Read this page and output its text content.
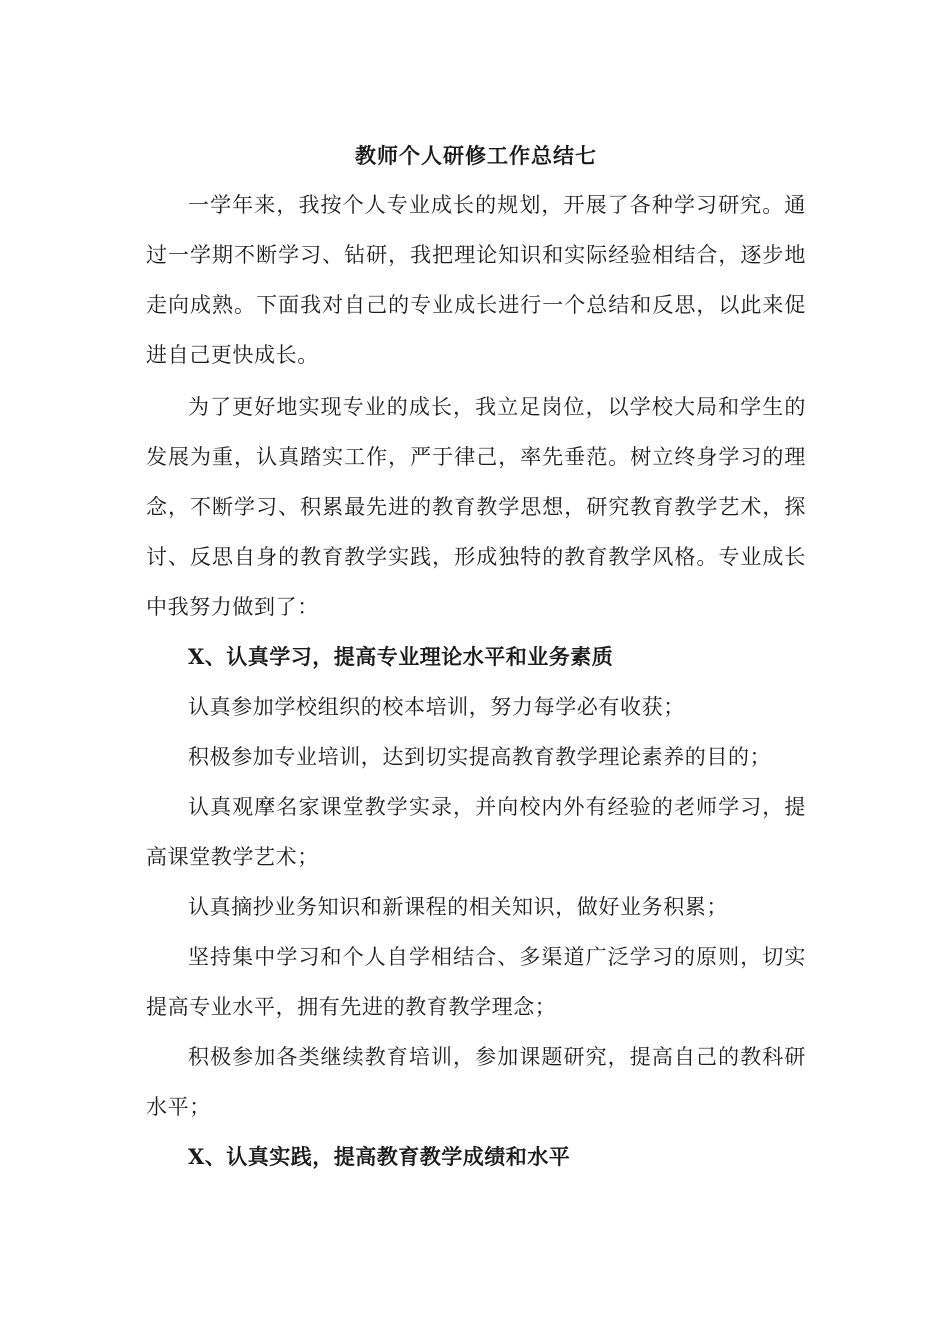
教师个人研修工作总结七

一学年来，我按个人专业成长的规划，开展了各种学习研究。通过一学期不断学习、钻研，我把理论知识和实际经验相结合，逐步地走向成熟。下面我对自己的专业成长进行一个总结和反思，以此来促进自己更快成长。

为了更好地实现专业的成长，我立足岗位，以学校大局和学生的发展为重，认真踏实工作，严于律己，率先垂范。树立终身学习的理念，不断学习、积累最先进的教育教学思想，研究教育教学艺术，探讨、反思自身的教育教学实践，形成独特的教育教学风格。专业成长中我努力做到了：

X、认真学习，提高专业理论水平和业务素质

认真参加学校组织的校本培训，努力每学必有收获；

积极参加专业培训，达到切实提高教育教学理论素养的目的；

认真观摩名家课堂教学实录，并向校内外有经验的老师学习，提高课堂教学艺术；

认真摘抄业务知识和新课程的相关知识，做好业务积累；

坚持集中学习和个人自学相结合、多渠道广泛学习的原则，切实提高专业水平，拥有先进的教育教学理念；

积极参加各类继续教育培训，参加课题研究，提高自己的教科研水平；

X、认真实践，提高教育教学成绩和水平
